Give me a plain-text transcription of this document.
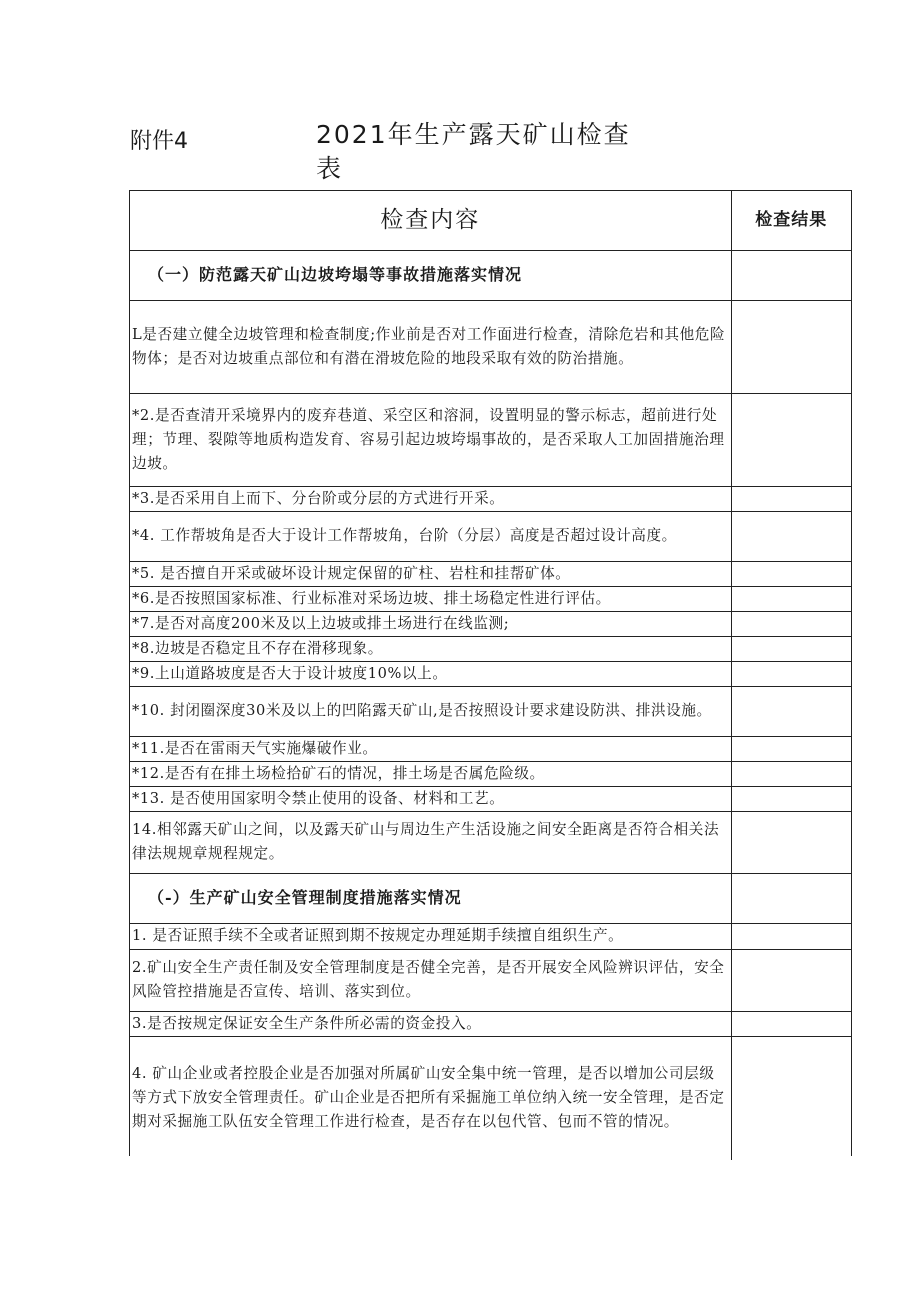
附件4	2021年生产露天矿山检查表
检查内容	检查结果
（一）防范露天矿山边坡垮塌等事故措施落实情况	
L是否建立健全边坡管理和检查制度;作业前是否对工作面进行检查，清除危岩和其他危险物体；是否对边坡重点部位和有潜在滑坡危险的地段采取有效的防治措施。	
*2.是否查清开采境界内的废弃巷道、采空区和溶洞，设置明显的警示标志，超前进行处理；节理、裂隙等地质构造发育、容易引起边坡垮塌事故的，是否采取人工加固措施治理边坡。	
*3.是否采用自上而下、分台阶或分层的方式进行开采。	
*4. 工作帮坡角是否大于设计工作帮坡角，台阶（分层）高度是否超过设计高度。	
*5. 是否擅自开采或破坏设计规定保留的矿柱、岩柱和挂帮矿体。	
*6.是否按照国家标准、行业标准对采场边坡、排土场稳定性进行评估。	
*7.是否对高度200米及以上边坡或排土场进行在线监测;	
*8.边坡是否稳定且不存在滑移现象。	
*9.上山道路坡度是否大于设计坡度10%以上。	
*10. 封闭圈深度30米及以上的凹陷露天矿山,是否按照设计要求建设防洪、排洪设施。	
*11.是否在雷雨天气实施爆破作业。	
*12.是否有在排土场检拾矿石的情况，排土场是否属危险级。	
*13. 是否使用国家明令禁止使用的设备、材料和工艺。	
14.相邻露天矿山之间，以及露天矿山与周边生产生活设施之间安全距离是否符合相关法律法规规章规程规定。	
（-）生产矿山安全管理制度措施落实情况	
1. 是否证照手续不全或者证照到期不按规定办理延期手续擅自组织生产。	
2.矿山安全生产责任制及安全管理制度是否健全完善，是否开展安全风险辨识评估，安全风险管控措施是否宣传、培训、落实到位。	
3.是否按规定保证安全生产条件所必需的资金投入。	
4. 矿山企业或者控股企业是否加强对所属矿山安全集中统一管理，是否以增加公司层级等方式下放安全管理责任。矿山企业是否把所有采掘施工单位纳入统一安全管理，是否定期对采掘施工队伍安全管理工作进行检查，是否存在以包代管、包而不管的情况。	
